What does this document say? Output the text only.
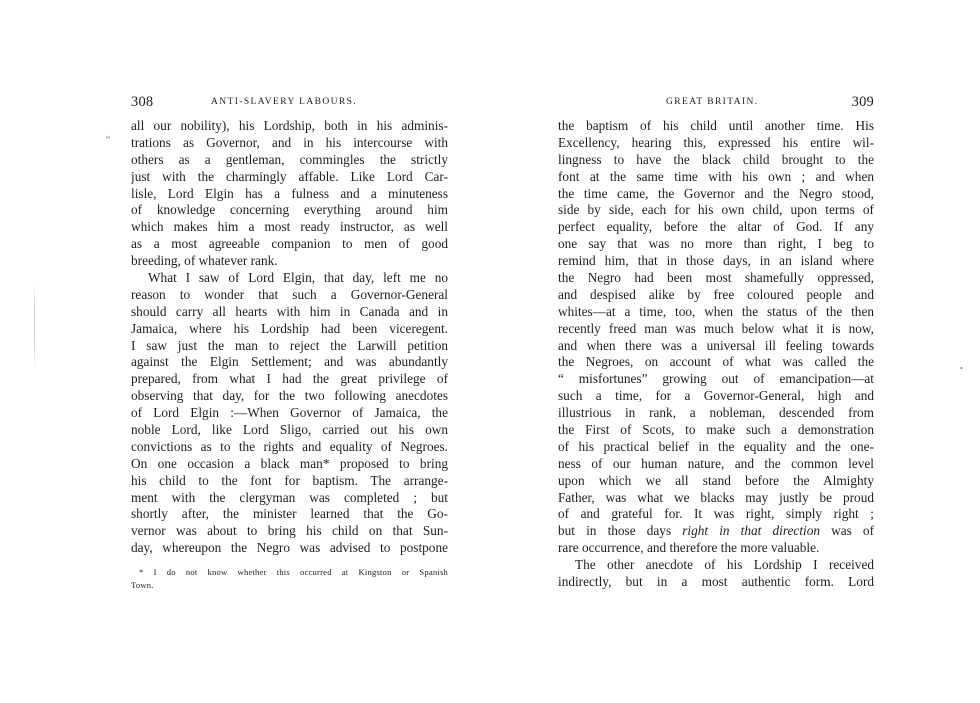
“
•
308	ANTI-SLAVERY LABOURS.
all our nobility), his Lordship, both in his adminis-
trations as Governor, and in his intercourse with
others as a gentleman, commingles the strictly
just with the charmingly affable. Like Lord Car-
lisle, Lord Elgin has a fulness and a minuteness
of knowledge concerning everything around him
which makes him a most ready instructor, as well
as a most agreeable companion to men of good
breeding, of whatever rank.
What I saw of Lord Elgin, that day, left me no
reason to wonder that such a Governor-General
should carry all hearts with him in Canada and in
Jamaica, where his Lordship had been viceregent.
I saw just the man to reject the Larwill petition
against the Elgin Settlement; and was abundantly
prepared, from what I had the great privilege of
observing that day, for the two following anecdotes
of Lord Elgin :—When Governor of Jamaica, the
noble Lord, like Lord Sligo, carried out his own
convictions as to the rights and equality of Negroes.
On one occasion a black man* proposed to bring
his child to the font for baptism. The arrange-
ment with the clergyman was completed ; but
shortly after, the minister learned that the Go-
vernor was about to bring his child on that Sun-
day, whereupon the Negro was advised to postpone
* I do not know whether this occurred at Kingston or Spanish
Town.
GREAT BRITAIN.	309
the baptism of his child until another time. His
Excellency, hearing this, expressed his entire wil-
lingness to have the black child brought to the
font at the same time with his own ; and when
the time came, the Governor and the Negro stood,
side by side, each for his own child, upon terms of
perfect equality, before the altar of God. If any
one say that was no more than right, I beg to
remind him, that in those days, in an island where
the Negro had been most shamefully oppressed,
and despised alike by free coloured people and
whites—at a time, too, when the status of the then
recently freed man was much below what it is now,
and when there was a universal ill feeling towards
the Negroes, on account of what was called the
“ misfortunes” growing out of emancipation—at
such a time, for a Governor-General, high and
illustrious in rank, a nobleman, descended from
the First of Scots, to make such a demonstration
of his practical belief in the equality and the one-
ness of our human nature, and the common level
upon which we all stand before the Almighty
Father, was what we blacks may justly be proud
of and grateful for. It was right, simply right ;
but in those days right in that direction was of
rare occurrence, and therefore the more valuable.
The other anecdote of his Lordship I received
indirectly, but in a most authentic form. Lord
